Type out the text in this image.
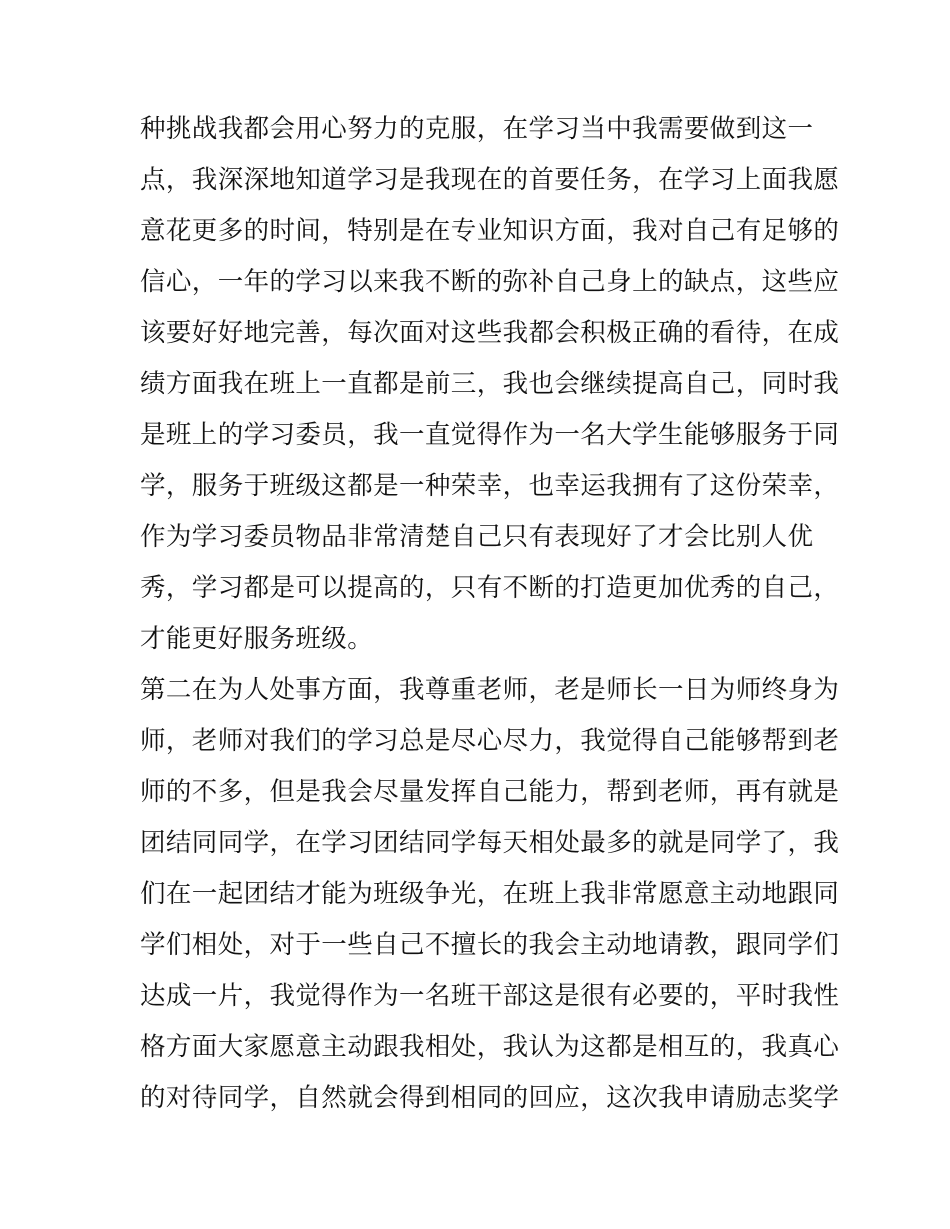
种挑战我都会用心努力的克服，在学习当中我需要做到这一
点，我深深地知道学习是我现在的首要任务，在学习上面我愿
意花更多的时间，特别是在专业知识方面，我对自己有足够的
信心，一年的学习以来我不断的弥补自己身上的缺点，这些应
该要好好地完善，每次面对这些我都会积极正确的看待，在成
绩方面我在班上一直都是前三，我也会继续提高自己，同时我
是班上的学习委员，我一直觉得作为一名大学生能够服务于同
学，服务于班级这都是一种荣幸，也幸运我拥有了这份荣幸，
作为学习委员物品非常清楚自己只有表现好了才会比别人优
秀，学习都是可以提高的，只有不断的打造更加优秀的自己，
才能更好服务班级。
第二在为人处事方面，我尊重老师，老是师长一日为师终身为
师，老师对我们的学习总是尽心尽力，我觉得自己能够帮到老
师的不多，但是我会尽量发挥自己能力，帮到老师，再有就是
团结同同学，在学习团结同学每天相处最多的就是同学了，我
们在一起团结才能为班级争光，在班上我非常愿意主动地跟同
学们相处，对于一些自己不擅长的我会主动地请教，跟同学们
达成一片，我觉得作为一名班干部这是很有必要的，平时我性
格方面大家愿意主动跟我相处，我认为这都是相互的，我真心
的对待同学，自然就会得到相同的回应，这次我申请励志奖学
